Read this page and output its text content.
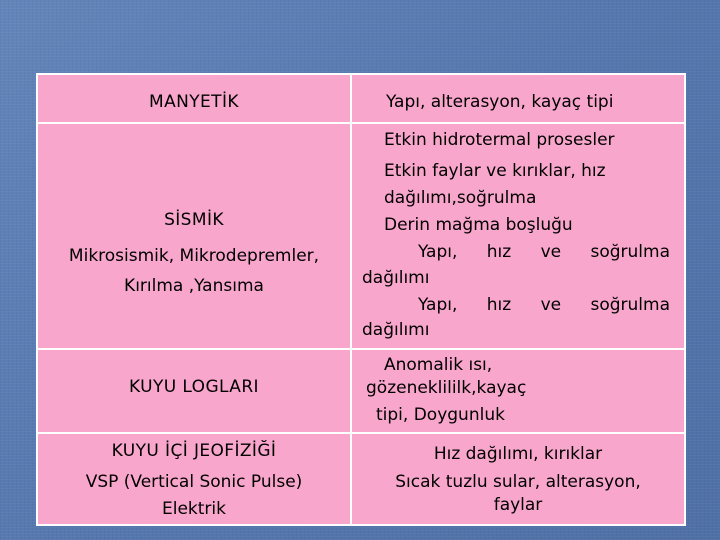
MANYETİK	Yapı, alterasyon, kayaç tipi
SİSMİK
Mikrosismik, Mikrodepremler,
Kırılma ,Yansıma
Etkin hidrotermal prosesler
Etkin faylar ve kırıklar, hız
dağılımı,soğrulma
Derin mağma boşluğu
Yapı, hız ve soğrulma
dağılımı
Yapı, hız ve soğrulma
dağılımı
KUYU LOGLARI
Anomalik ısı,
gözeneklililk,kayaç
tipi, Doygunluk
KUYU İÇİ JEOFİZİĞİ
VSP (Vertical Sonic Pulse)
Elektrik
Hız dağılımı, kırıklar
Sıcak tuzlu sular, alterasyon,
faylar
